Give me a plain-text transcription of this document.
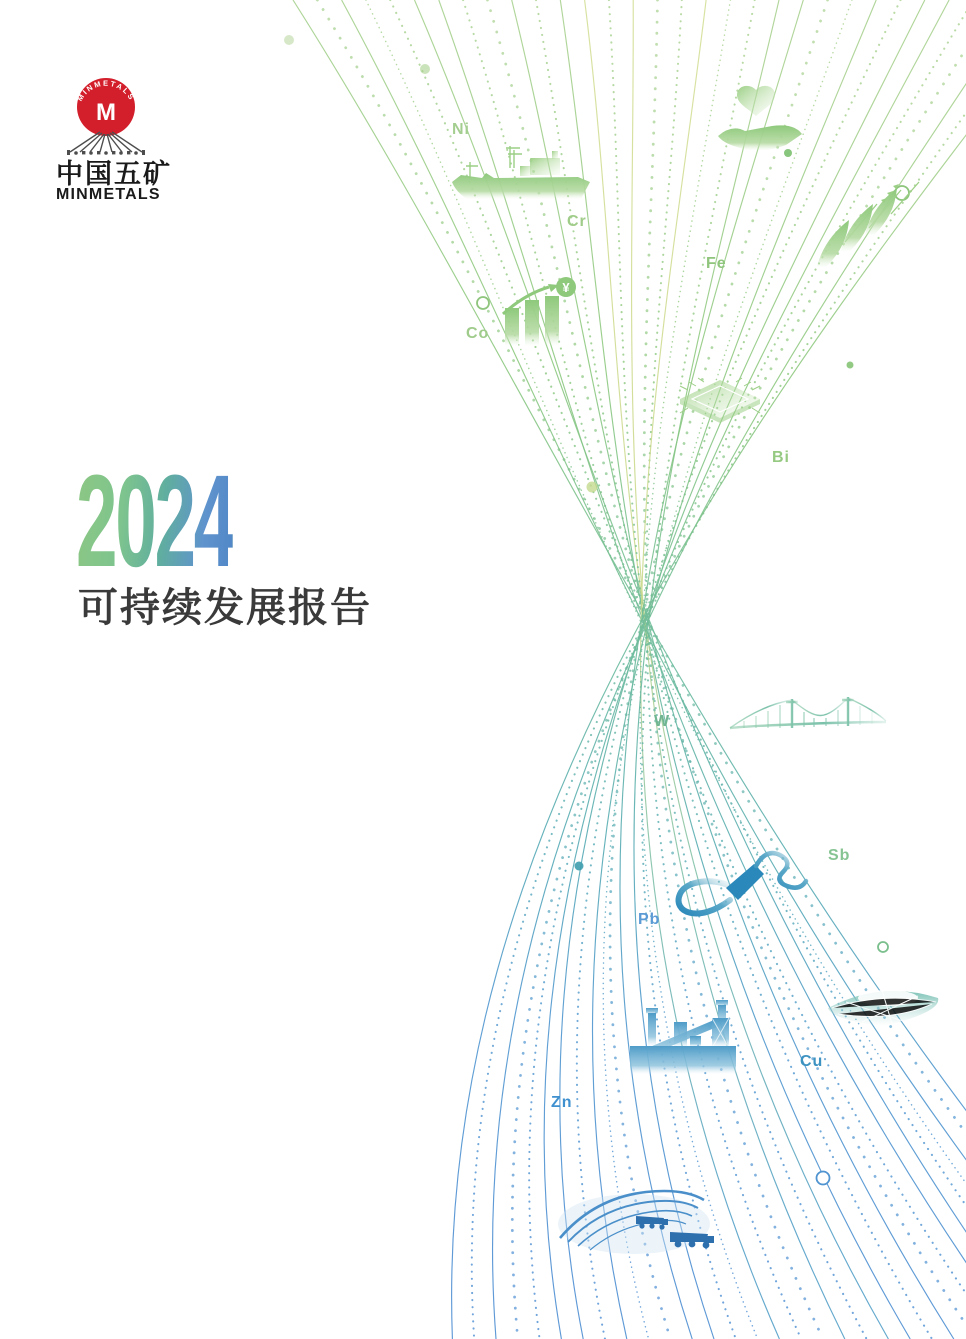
¥
Ni
Cr
Fe
Co
Bi
W
Sb
Pb
Cu
Zn
MINMETALS
M
中国五矿
MINMETALS
2024
可持续发展报告
